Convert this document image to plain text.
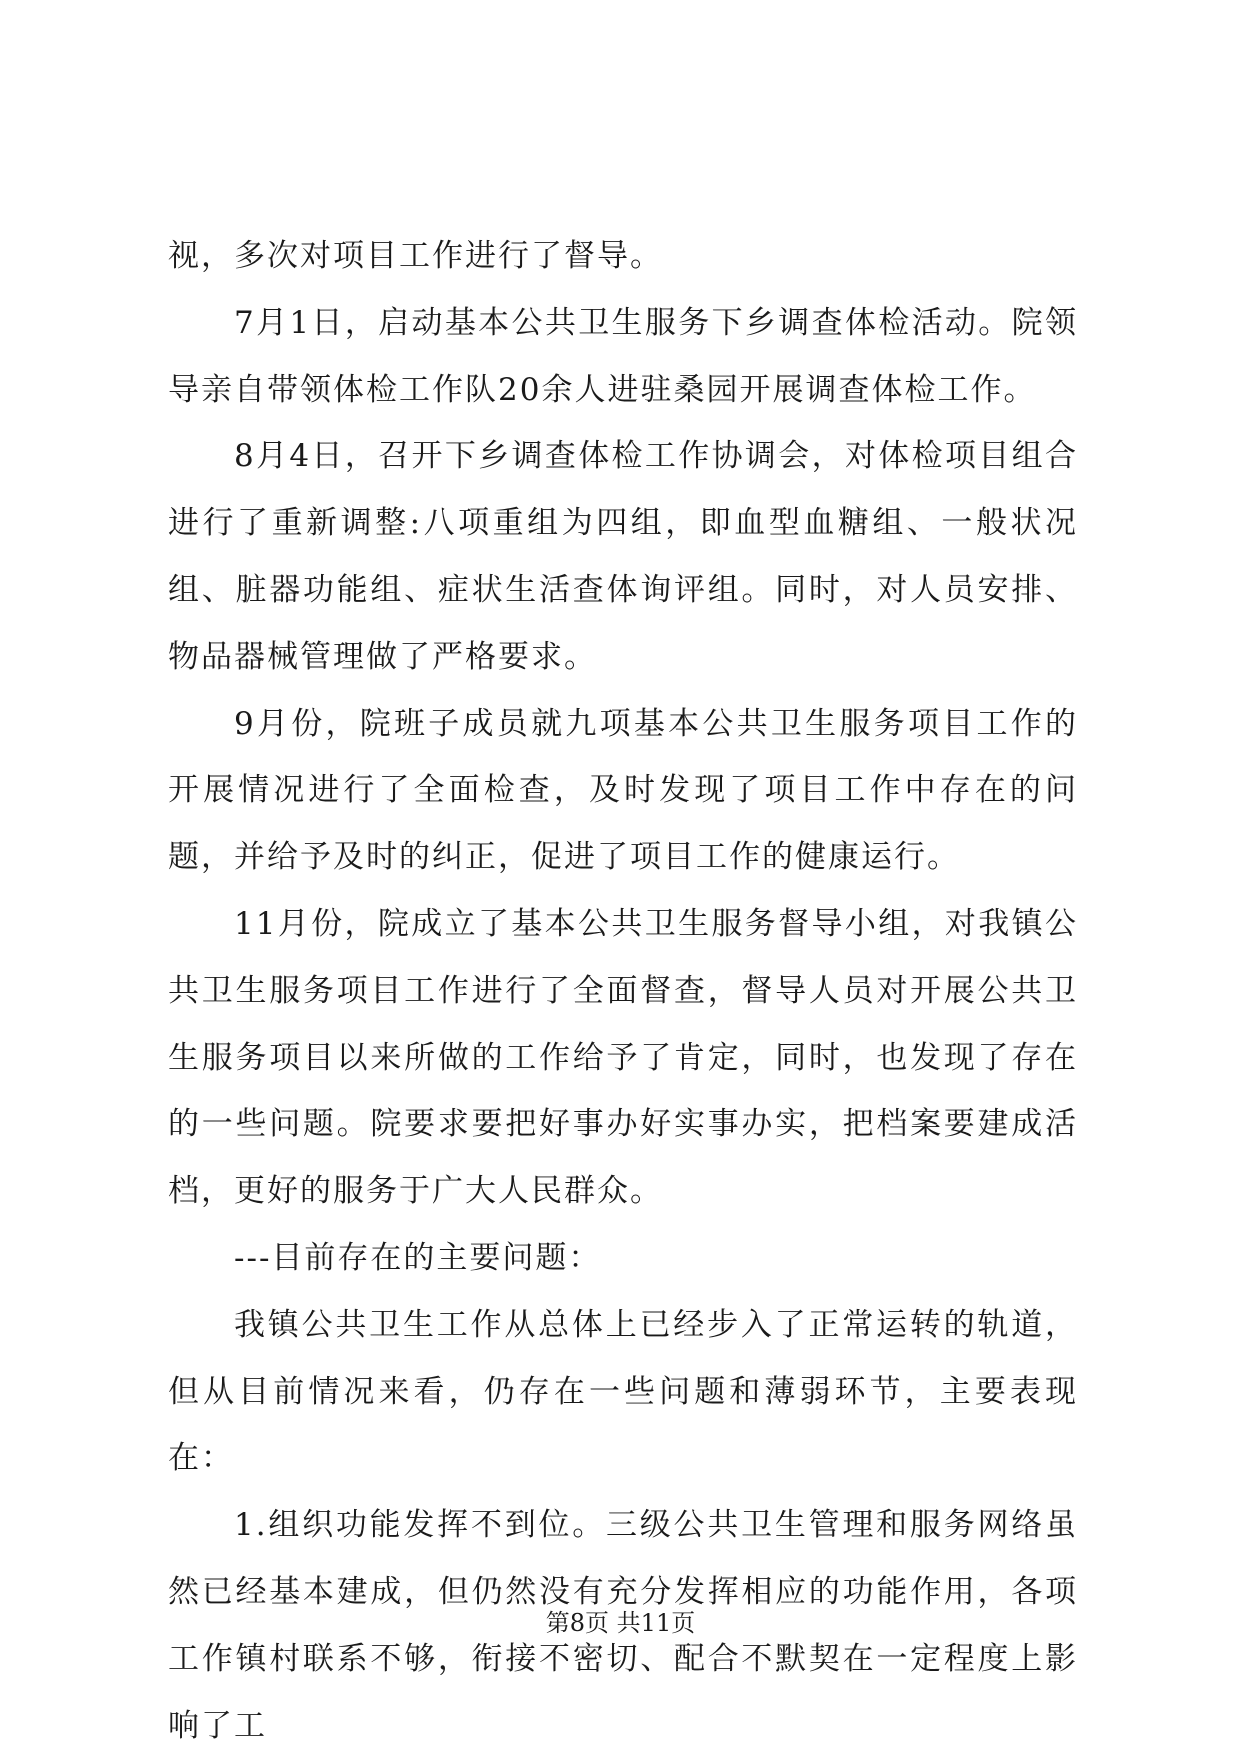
视，多次对项目工作进行了督导。

7月1日，启动基本公共卫生服务下乡调查体检活动。院领导亲自带领体检工作队20余人进驻桑园开展调查体检工作。

8月4日，召开下乡调查体检工作协调会，对体检项目组合进行了重新调整:八项重组为四组，即血型血糖组、一般状况组、脏器功能组、症状生活查体询评组。同时，对人员安排、物品器械管理做了严格要求。

9月份，院班子成员就九项基本公共卫生服务项目工作的开展情况进行了全面检查，及时发现了项目工作中存在的问题，并给予及时的纠正，促进了项目工作的健康运行。

11月份，院成立了基本公共卫生服务督导小组，对我镇公共卫生服务项目工作进行了全面督查，督导人员对开展公共卫生服务项目以来所做的工作给予了肯定，同时，也发现了存在的一些问题。院要求要把好事办好实事办实，把档案要建成活档，更好的服务于广大人民群众。

---目前存在的主要问题：

我镇公共卫生工作从总体上已经步入了正常运转的轨道，但从目前情况来看，仍存在一些问题和薄弱环节，主要表现在：

1.组织功能发挥不到位。三级公共卫生管理和服务网络虽然已经基本建成，但仍然没有充分发挥相应的功能作用，各项工作镇村联系不够，衔接不密切、配合不默契在一定程度上影响了工

第8页 共11页
